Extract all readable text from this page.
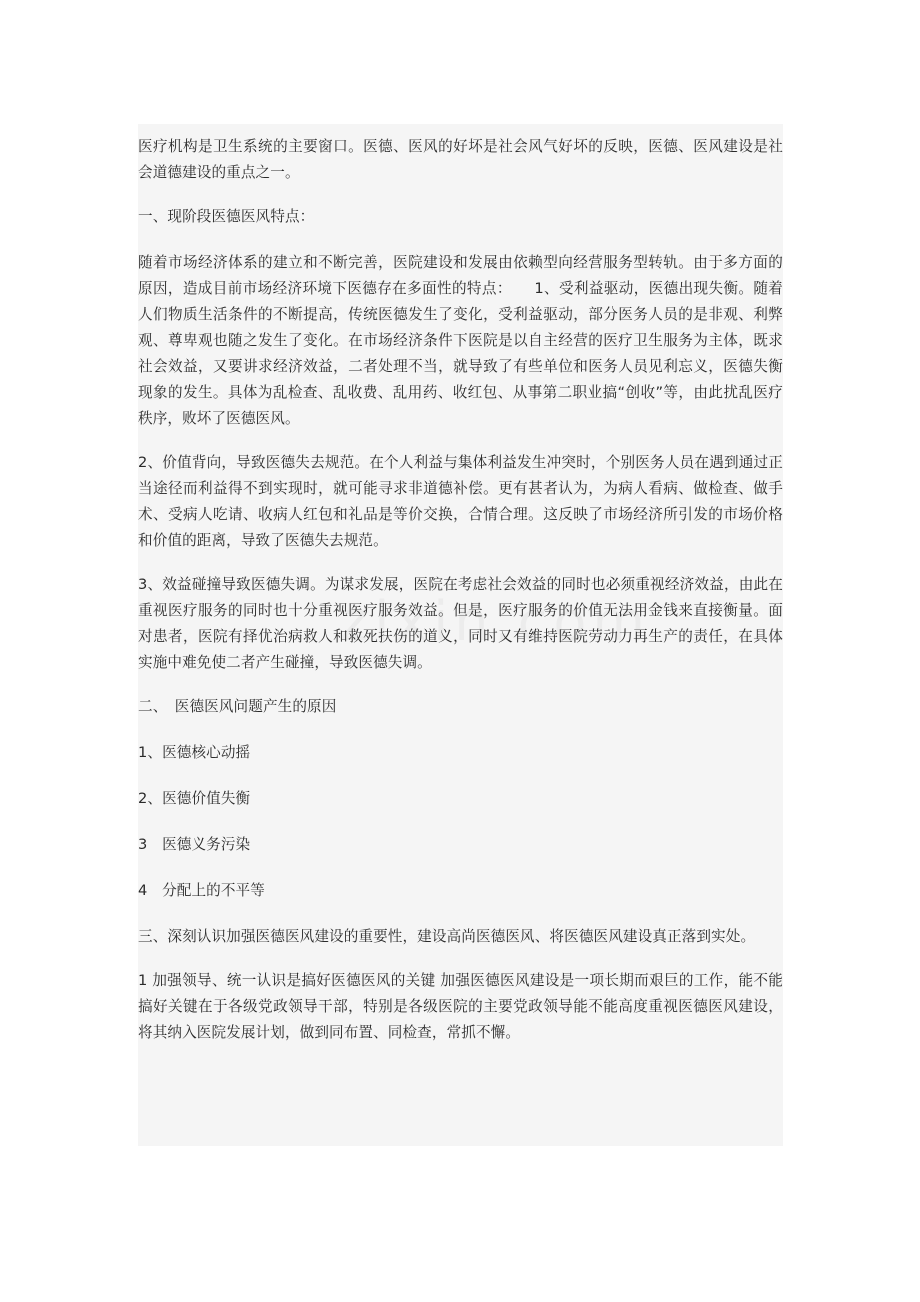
医疗机构是卫生系统的主要窗口。医德、医风的好坏是社会风气好坏的反映，医德、医风建设是社会道德建设的重点之一。

一、现阶段医德医风特点：

随着市场经济体系的建立和不断完善，医院建设和发展由依赖型向经营服务型转轨。由于多方面的原因，造成目前市场经济环境下医德存在多面性的特点：　　1、受利益驱动，医德出现失衡。随着人们物质生活条件的不断提高，传统医德发生了变化，受利益驱动，部分医务人员的是非观、利弊观、尊卑观也随之发生了变化。在市场经济条件下医院是以自主经营的医疗卫生服务为主体，既求社会效益，又要讲求经济效益，二者处理不当，就导致了有些单位和医务人员见利忘义，医德失衡现象的发生。具体为乱检查、乱收费、乱用药、收红包、从事第二职业搞“创收”等，由此扰乱医疗秩序，败坏了医德医风。

2、价值背向，导致医德失去规范。在个人利益与集体利益发生冲突时，个别医务人员在遇到通过正当途径而利益得不到实现时，就可能寻求非道德补偿。更有甚者认为，为病人看病、做检查、做手术、受病人吃请、收病人红包和礼品是等价交换，合情合理。这反映了市场经济所引发的市场价格和价值的距离，导致了医德失去规范。

3、效益碰撞导致医德失调。为谋求发展，医院在考虑社会效益的同时也必须重视经济效益，由此在重视医疗服务的同时也十分重视医疗服务效益。但是，医疗服务的价值无法用金钱来直接衡量。面对患者，医院有择优治病救人和救死扶伤的道义，同时又有维持医院劳动力再生产的责任，在具体实施中难免使二者产生碰撞，导致医德失调。

二、　医德医风问题产生的原因

1、医德核心动摇

2、医德价值失衡

3　医德义务污染

4　分配上的不平等

三、深刻认识加强医德医风建设的重要性，建设高尚医德医风、将医德医风建设真正落到实处。

1 加强领导、统一认识是搞好医德医风的关键 加强医德医风建设是一项长期而艰巨的工作，能不能搞好关键在于各级党政领导干部，特别是各级医院的主要党政领导能不能高度重视医德医风建设，将其纳入医院发展计划，做到同布置、同检查，常抓不懈。
